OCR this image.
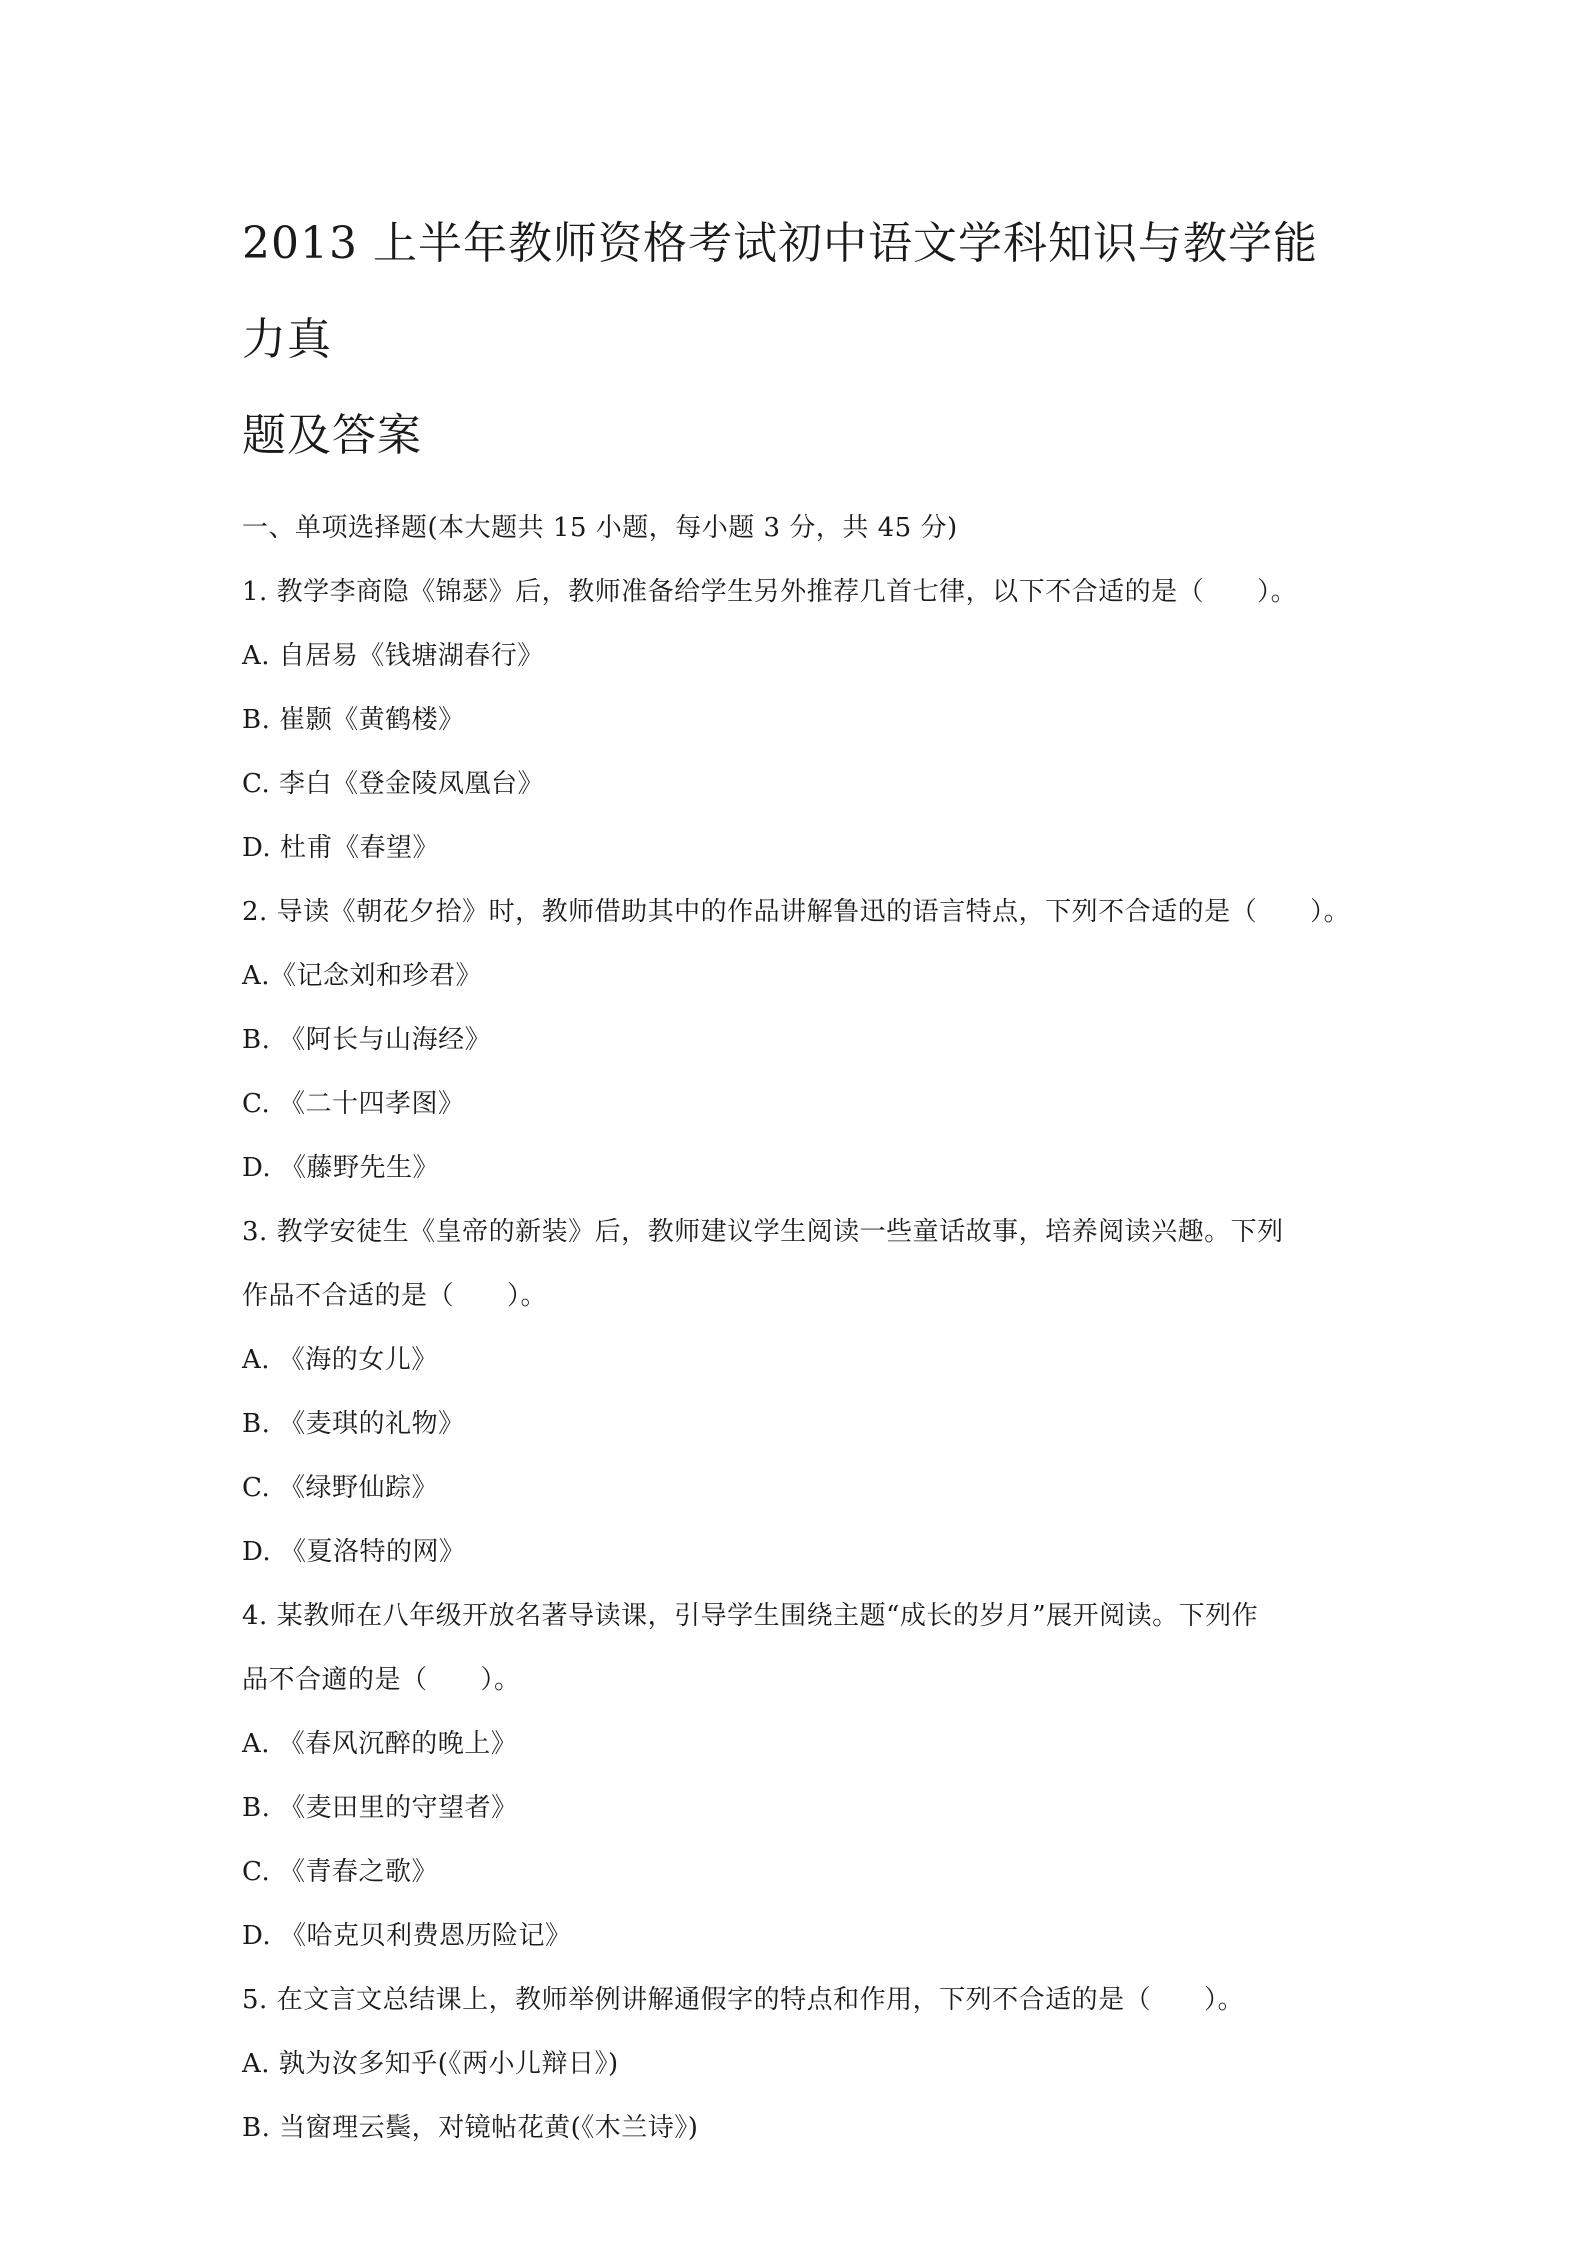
2013 上半年教师资格考试初中语文学科知识与教学能力真
题及答案
一、单项选择题(本大题共 15 小题，每小题 3 分，共 45 分)
1. 教学李商隐《锦瑟》后，教师准备给学生另外推荐几首七律，以下不合适的是（　　）。
A. 自居易《钱塘湖春行》
B. 崔颢《黄鹤楼》
C. 李白《登金陵凤凰台》
D. 杜甫《春望》
2. 导读《朝花夕拾》时，教师借助其中的作品讲解鲁迅的语言特点，下列不合适的是（　　）。
A.《记念刘和珍君》
B. 《阿长与山海经》
C. 《二十四孝图》
D. 《藤野先生》
3. 教学安徒生《皇帝的新装》后，教师建议学生阅读一些童话故事，培养阅读兴趣。下列
作品不合适的是（　　）。
A. 《海的女儿》
B. 《麦琪的礼物》
C. 《绿野仙踪》
D. 《夏洛特的网》
4. 某教师在八年级开放名著导读课，引导学生围绕主题“成长的岁月”展开阅读。下列作
品不合適的是（　　）。
A. 《春风沉醉的晚上》
B. 《麦田里的守望者》
C. 《青春之歌》
D. 《哈克贝利费恩历险记》
5. 在文言文总结课上，教师举例讲解通假字的特点和作用，下列不合适的是（　　）。
A. 孰为汝多知乎(《两小儿辩日》)
B. 当窗理云鬓，对镜帖花黄(《木兰诗》)
